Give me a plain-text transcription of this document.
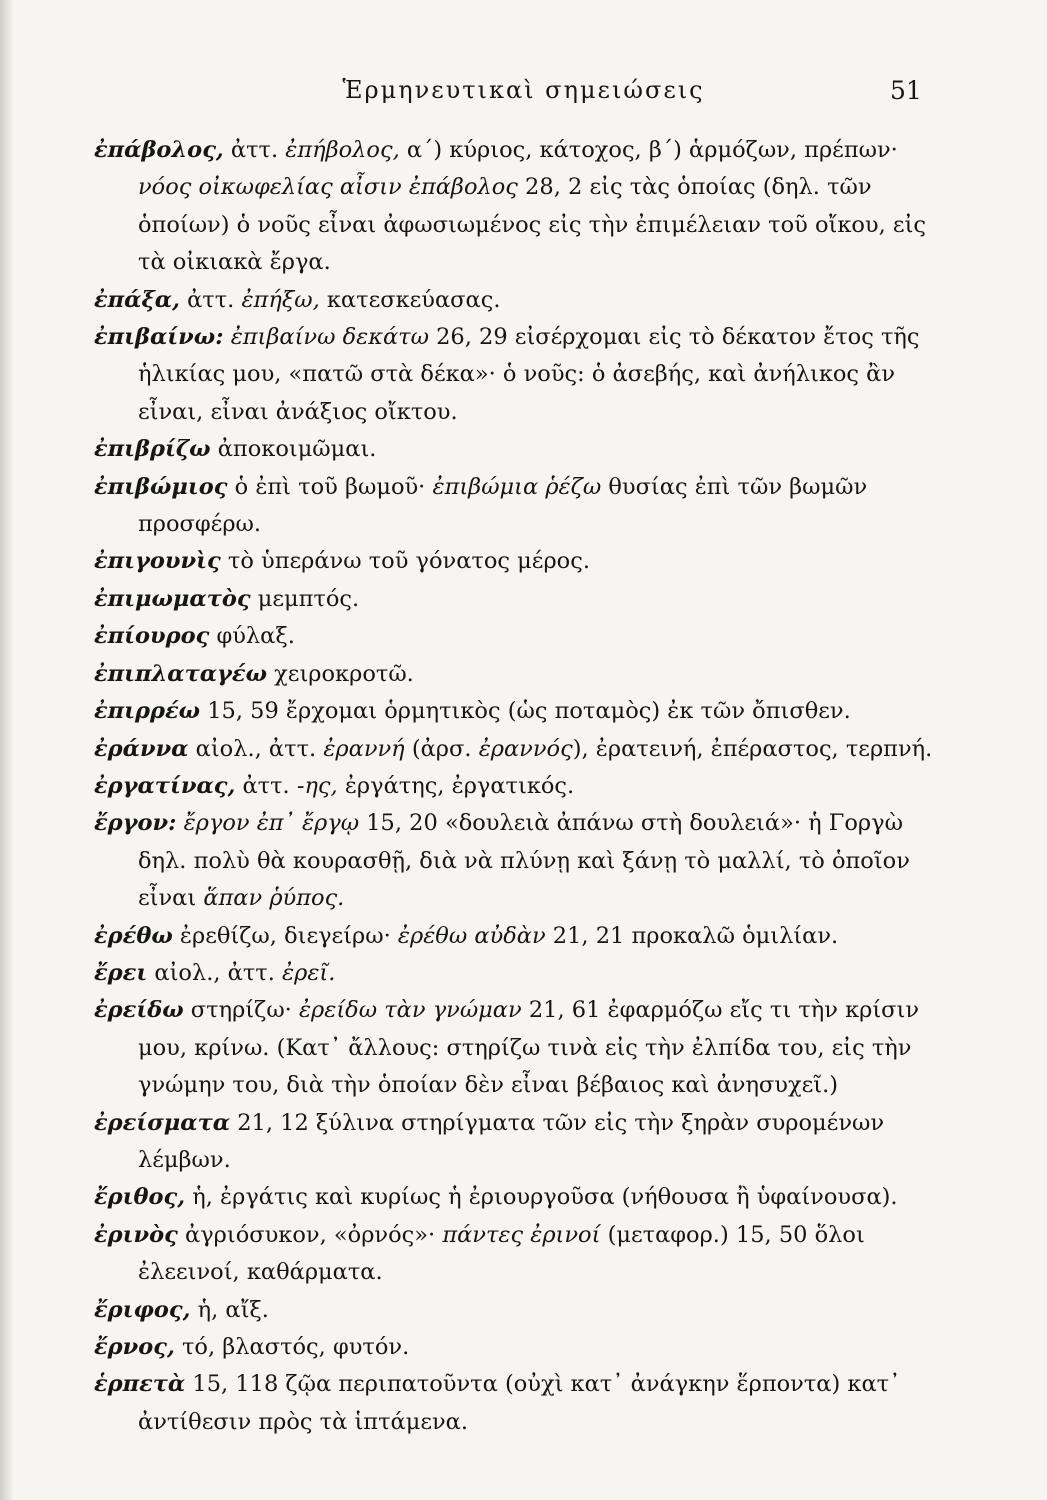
Ἑρμηνευτικαὶ σημειώσεις	51
ἐπάβολος, ἀττ. ἐπήβολος, α΄) κύριος, κάτοχος, β΄) ἁρμόζων, πρέπων· νόος οἰκωφελίας αἶσιν ἐπάβολος 28, 2 εἰς τὰς ὁποίας (δηλ. τῶν ὁποίων) ὁ νοῦς εἶναι ἀφωσιωμένος εἰς τὴν ἐπιμέλειαν τοῦ οἴκου, εἰς τὰ οἰκιακὰ ἔργα.
ἐπάξα, ἀττ. ἐπήξω, κατεσκεύασας.
ἐπιβαίνω: ἐπιβαίνω δεκάτω 26, 29 εἰσέρχομαι εἰς τὸ δέκατον ἔτος τῆς ἡλικίας μου, «πατῶ στὰ δέκα»· ὁ νοῦς: ὁ ἀσεβής, καὶ ἀνήλικος ἂν εἶναι, εἶναι ἀνάξιος οἴκτου.
ἐπιβρίζω ἀποκοιμῶμαι.
ἐπιβώμιος ὁ ἐπὶ τοῦ βωμοῦ· ἐπιβώμια ῥέζω θυσίας ἐπὶ τῶν βωμῶν προσφέρω.
ἐπιγουνὶς τὸ ὑπεράνω τοῦ γόνατος μέρος.
ἐπιμωματὸς μεμπτός.
ἐπίουρος φύλαξ.
ἐπιπλαταγέω χειροκροτῶ.
ἐπιρρέω 15, 59 ἔρχομαι ὁρμητικὸς (ὡς ποταμὸς) ἐκ τῶν ὄπισθεν.
ἐράννα αἰολ., ἀττ. ἐραννή (ἀρσ. ἐραννός), ἐρατεινή, ἐπέραστος, τερπνή.
ἐργατίνας, ἀττ. -ης, ἐργάτης, ἐργατικός.
ἔργον: ἔργον ἐπ᾽ ἔργῳ 15, 20 «δουλειὰ ἀπάνω στὴ δουλειά»· ἡ Γοργὼ δηλ. πολὺ θὰ κουρασθῇ, διὰ νὰ πλύνῃ καὶ ξάνῃ τὸ μαλλί, τὸ ὁποῖον εἶναι ἅπαν ῥύπος.
ἐρέθω ἐρεθίζω, διεγείρω· ἐρέθω αὐδὰν 21, 21 προκαλῶ ὁμιλίαν.
ἔρει αἰολ., ἀττ. ἐρεῖ.
ἐρείδω στηρίζω· ἐρείδω τὰν γνώμαν 21, 61 ἐφαρμόζω εἴς τι τὴν κρίσιν μου, κρίνω. (Κατ᾽ ἄλλους: στηρίζω τινὰ εἰς τὴν ἐλπίδα του, εἰς τὴν γνώμην του, διὰ τὴν ὁποίαν δὲν εἶναι βέβαιος καὶ ἀνησυχεῖ.)
ἐρείσματα 21, 12 ξύλινα στηρίγματα τῶν εἰς τὴν ξηρὰν συρομένων λέμβων.
ἔριθος, ἡ, ἐργάτις καὶ κυρίως ἡ ἐριουργοῦσα (νήθουσα ἢ ὑφαίνουσα).
ἐρινὸς ἀγριόσυκον, «ὀρνός»· πάντες ἐρινοί (μεταφορ.) 15, 50 ὅλοι ἐλεεινοί, καθάρματα.
ἔριφος, ἡ, αἴξ.
ἔρνος, τό, βλαστός, φυτόν.
ἑρπετὰ 15, 118 ζῷα περιπατοῦντα (οὐχὶ κατ᾽ ἀνάγκην ἕρποντα) κατ᾽ ἀντίθεσιν πρὸς τὰ ἱπτάμενα.
